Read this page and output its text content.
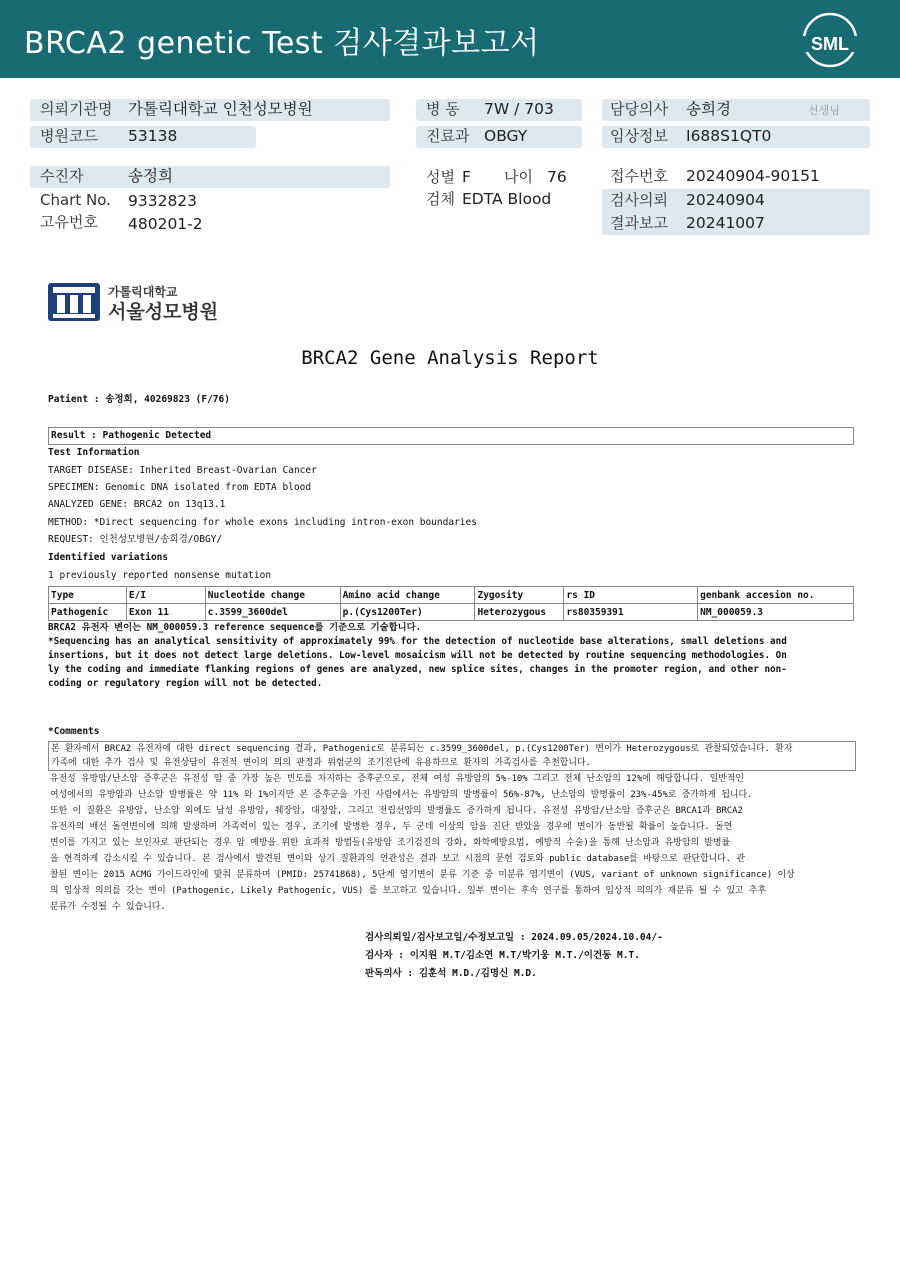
BRCA2 genetic Test 검사결과보고서	SML
의뢰기관명 가톨릭대학교 인천성모병원
병원코드 53138
수진자	송정희
Chart No. 9332823
고유번호 480201-2
병 동 7W / 703
진료과 OBGY
성별 F 나이 76
검체 EDTA Blood
담당의사 송희경	선생님
임상정보 I688S1QT0
접수번호 20240904-90151
검사의뢰 20240904
결과보고 20241007
가톨릭대학교
서울성모병원
BRCA2 Gene Analysis Report
Patient : 송정희, 40269823 (F/76)
Result : Pathogenic Detected
Test Information
TARGET DISEASE: Inherited Breast-Ovarian Cancer
SPECIMEN: Genomic DNA isolated from EDTA blood
ANALYZED GENE: BRCA2 on 13q13.1
METHOD: *Direct sequencing for whole exons including intron-exon boundaries
REQUEST: 인천성모병원/송희경/OBGY/
Identified variations
1 previously reported nonsense mutation
Type	E/I	Nucleotide change	Amino acid change	Zygosity	rs ID	genbank accesion no.
Pathogenic	Exon 11	c.3599_3600del	p.(Cys1200Ter)	Heterozygous	rs80359391	NM_000059.3
BRCA2 유전자 변이는 NM_000059.3 reference sequence를 기준으로 기술합니다.
*Sequencing has an analytical sensitivity of approximately 99% for the detection of nucleotide base alterations, small deletions and
insertions, but it does not detect large deletions. Low-level mosaicism will not be detected by routine sequencing methodologies. On
ly the coding and immediate flanking regions of genes are analyzed, new splice sites, changes in the promoter region, and other non-
coding or regulatory region will not be detected.
*Comments
본 환자에서 BRCA2 유전자에 대한 direct sequencing 결과, Pathogenic로 분류되는 c.3599_3600del, p.(Cys1200Ter) 변이가 Heterozygous로 관찰되었습니다. 환자
가족에 대한 추가 검사 및 유전상담이 유전적 변이의 의의 판정과 위험군의 조기진단에 유용하므로 환자의 가족검사를 추천합니다.
유전성 유방암/난소암 증후군은 유전성 암 중 가장 높은 빈도를 차지하는 증후군으로, 전체 여성 유방암의 5%-10% 그리고 전체 난소암의 12%에 해당합니다. 일반적인
여성에서의 유방암과 난소암 발병률은 약 11% 와 1%이지만 본 증후군을 가진 사람에서는 유방암의 발병률이 56%-87%, 난소암의 발병률이 23%-45%로 증가하게 됩니다.
또한 이 질환은 유방암, 난소암 외에도 남성 유방암, 췌장암, 대장암, 그리고 전립선암의 발병률도 증가하게 됩니다. 유전성 유방암/난소암 증후군은 BRCA1과 BRCA2
유전자의 배선 돌연변이에 의해 발생하며 가족력이 있는 경우, 조기에 발병한 경우, 두 군데 이상의 암을 진단 받았을 경우에 변이가 동반될 확률이 높습니다. 돌연
변이를 가지고 있는 보인자로 판단되는 경우 암 예방을 위한 효과적 방법들(유방암 조기검진의 강화, 화학예방요법, 예방적 수술)을 통해 난소암과 유방암의 발병률
을 현격하게 감소시킬 수 있습니다. 본 검사에서 발견된 변이와 상기 질환과의 연관성은 결과 보고 시점의 문헌 검토와 public database를 바탕으로 판단합니다. 관
찰된 변이는 2015 ACMG 가이드라인에 맞춰 분류하며 (PMID: 25741868), 5단계 염기변이 분류 기준 중 미분류 염기변이 (VUS, variant of unknown significance) 이상
의 임상적 의의를 갖는 변이 (Pathogenic, Likely Pathogenic, VUS) 를 보고하고 있습니다. 일부 변이는 후속 연구를 통하여 임상적 의의가 재분류 될 수 있고 추후
분류가 수정될 수 있습니다.
검사의뢰일/검사보고일/수정보고일 : 2024.09.05/2024.10.04/-
검사자 : 이지원 M.T/김소연 M.T/박기웅 M.T./이건동 M.T.
판독의사 : 김훈석 M.D./김명신 M.D.
